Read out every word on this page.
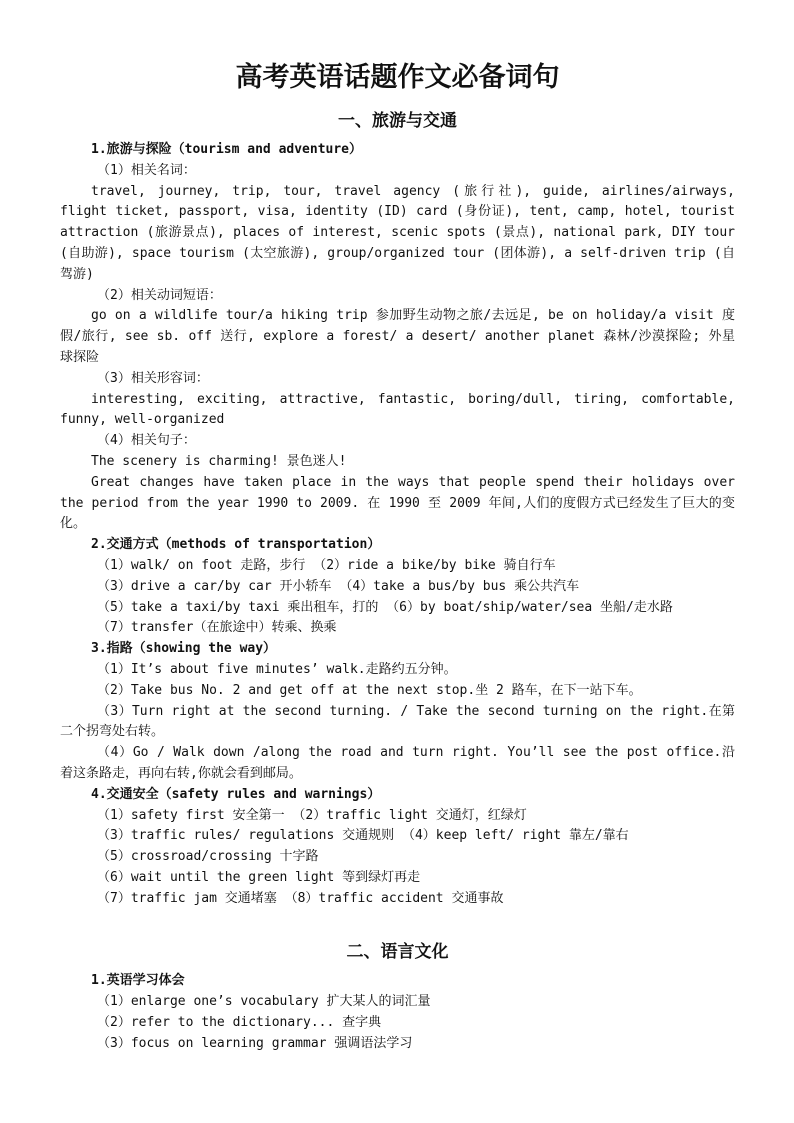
高考英语话题作文必备词句
一、旅游与交通
1.旅游与探险（tourism and adventure）
（1）相关名词：
travel, journey, trip, tour, travel agency (旅行社), guide, airlines/airways, flight ticket, passport, visa, identity (ID) card (身份证), tent, camp, hotel, tourist attraction (旅游景点), places of interest, scenic spots (景点), national park, DIY tour (自助游), space tourism (太空旅游), group/organized tour (团体游), a self-driven trip (自驾游)
（2）相关动词短语：
go on a wildlife tour/a hiking trip 参加野生动物之旅/去远足, be on holiday/a visit 度假/旅行, see sb. off 送行, explore a forest/ a desert/ another planet 森林/沙漠探险; 外星球探险
（3）相关形容词：
interesting, exciting, attractive, fantastic, boring/dull, tiring, comfortable, funny, well-organized
（4）相关句子：
The scenery is charming! 景色迷人!
Great changes have taken place in the ways that people spend their holidays over the period from the year 1990 to 2009. 在 1990 至 2009 年间,人们的度假方式已经发生了巨大的变化。
2.交通方式（methods of transportation）
（1）walk/ on foot 走路，步行 （2）ride a bike/by bike 骑自行车
（3）drive a car/by car 开小轿车 （4）take a bus/by bus 乘公共汽车
（5）take a taxi/by taxi 乘出租车，打的 （6）by boat/ship/water/sea 坐船/走水路
（7）transfer（在旅途中）转乘、换乘
3.指路（showing the way）
（1）It’s about five minutes’ walk.走路约五分钟。
（2）Take bus No. 2 and get off at the next stop.坐 2 路车，在下一站下车。
（3）Turn right at the second turning. / Take the second turning on the right.在第二个拐弯处右转。
（4）Go / Walk down /along the road and turn right. You’ll see the post office.沿着这条路走，再向右转,你就会看到邮局。
4.交通安全（safety rules and warnings）
（1）safety first 安全第一 （2）traffic light 交通灯，红绿灯
（3）traffic rules/ regulations 交通规则 （4）keep left/ right 靠左/靠右
（5）crossroad/crossing 十字路
（6）wait until the green light 等到绿灯再走
（7）traffic jam 交通堵塞 （8）traffic accident 交通事故
二、语言文化
1.英语学习体会
（1）enlarge one’s vocabulary 扩大某人的词汇量
（2）refer to the dictionary... 查字典
（3）focus on learning grammar 强调语法学习
